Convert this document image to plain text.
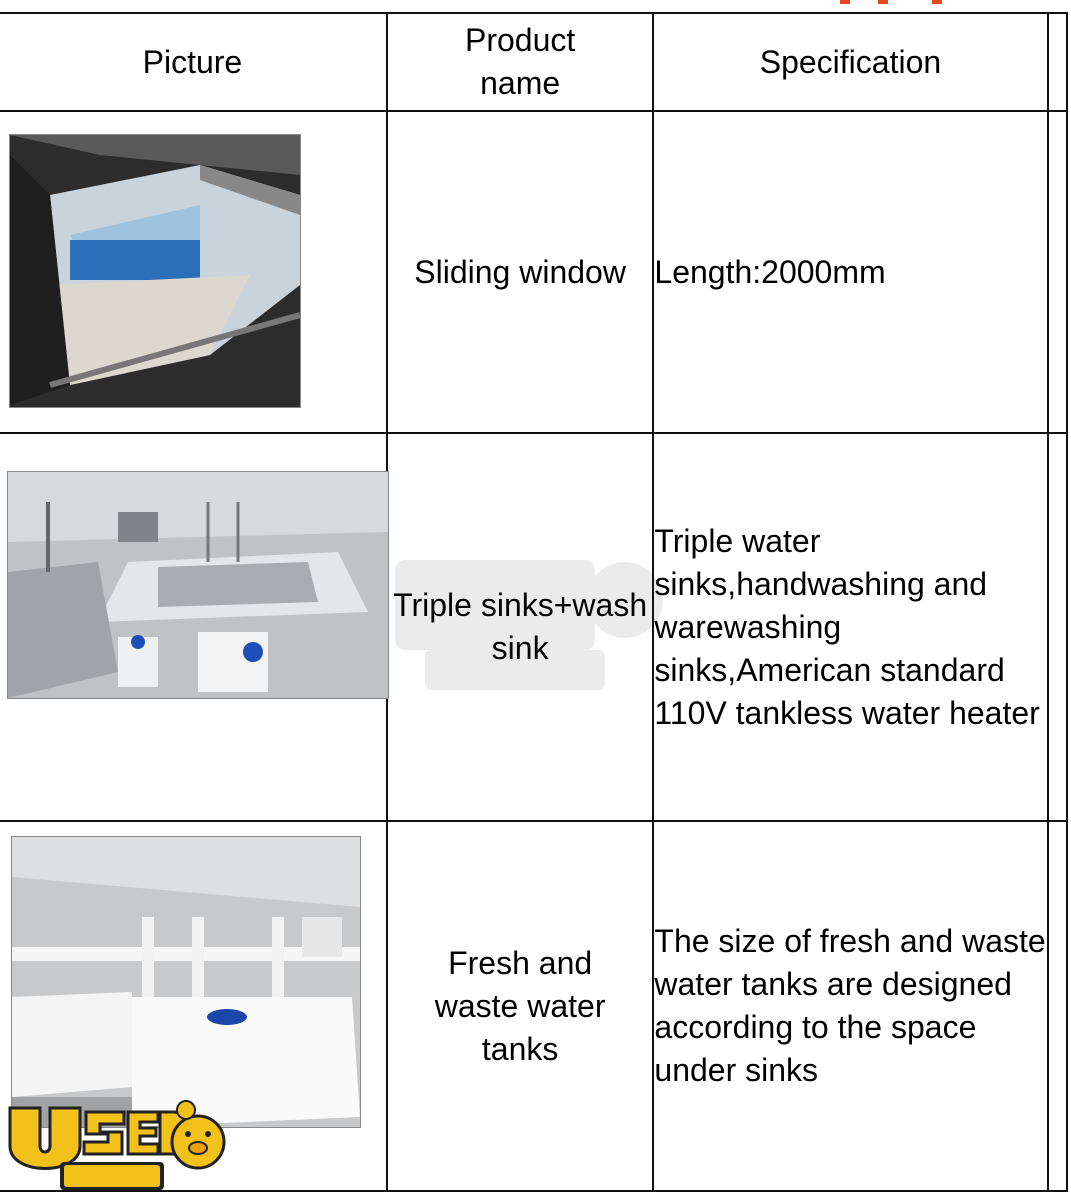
Picture	Product name	Specification	

	Sliding window	Length:2000mm	

	Triple sinks+wash sink	Triple water sinks,handwashing and warewashing sinks,American standard 110V tankless water heater	

	Fresh and waste water tanks	The size of fresh and waste water tanks are designed according to the space under sinks	
